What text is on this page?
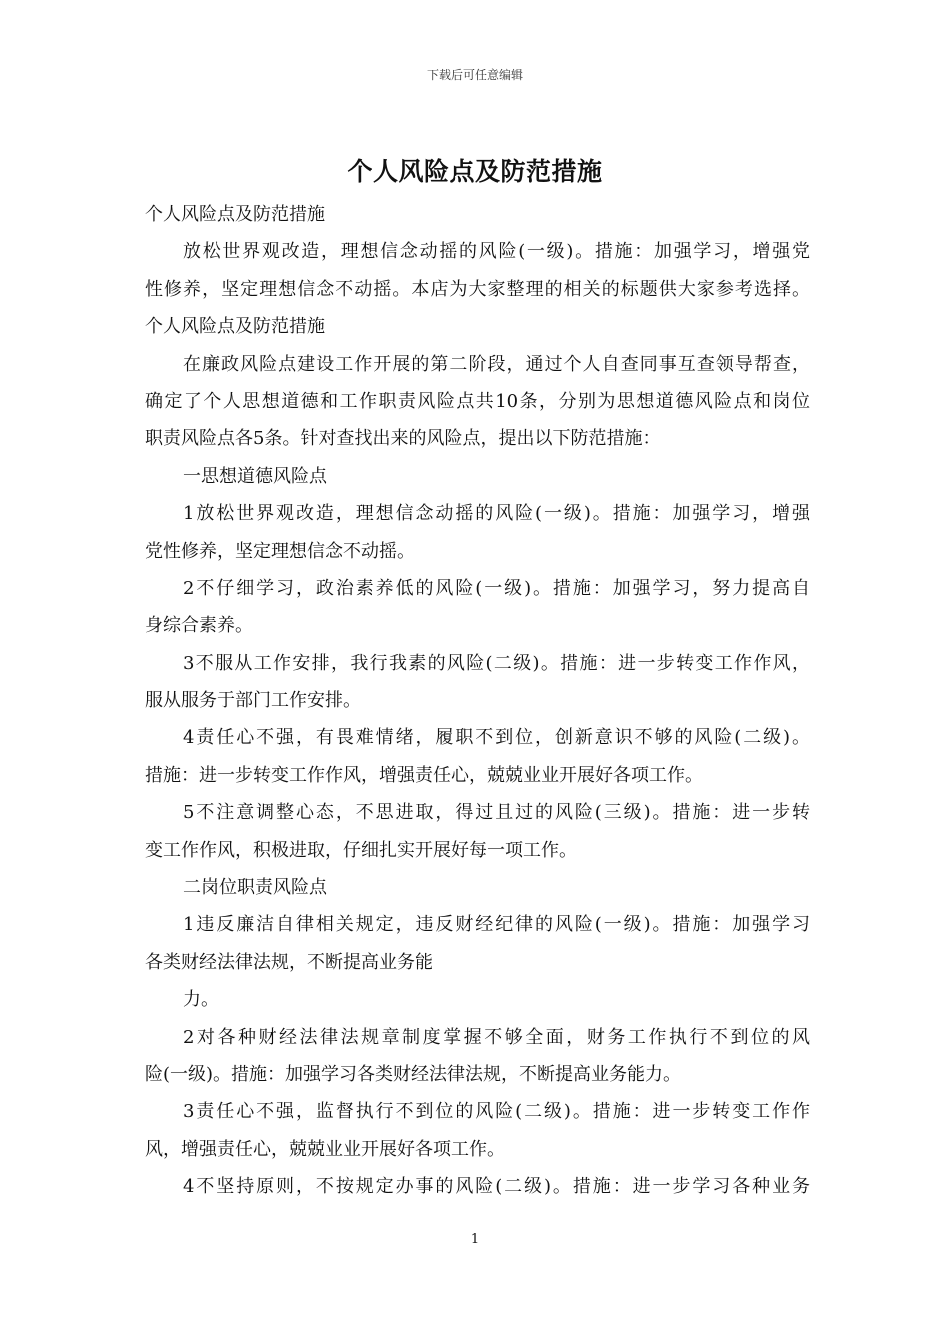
下载后可任意编辑
个人风险点及防范措施
个人风险点及防范措施
放松世界观改造，理想信念动摇的风险(一级)。措施：加强学习，增强党
性修养，坚定理想信念不动摇。本店为大家整理的相关的标题供大家参考选择。
个人风险点及防范措施
在廉政风险点建设工作开展的第二阶段，通过个人自查同事互查领导帮查，
确定了个人思想道德和工作职责风险点共10条，分别为思想道德风险点和岗位
职责风险点各5条。针对查找出来的风险点，提出以下防范措施：
一思想道德风险点
1放松世界观改造，理想信念动摇的风险(一级)。措施：加强学习，增强
党性修养，坚定理想信念不动摇。
2不仔细学习，政治素养低的风险(一级)。措施：加强学习，努力提高自
身综合素养。
3不服从工作安排，我行我素的风险(二级)。措施：进一步转变工作作风，
服从服务于部门工作安排。
4责任心不强，有畏难情绪，履职不到位，创新意识不够的风险(二级)。
措施：进一步转变工作作风，增强责任心，兢兢业业开展好各项工作。
5不注意调整心态，不思进取，得过且过的风险(三级)。措施：进一步转
变工作作风，积极进取，仔细扎实开展好每一项工作。
二岗位职责风险点
1违反廉洁自律相关规定，违反财经纪律的风险(一级)。措施：加强学习
各类财经法律法规，不断提高业务能
力。
2对各种财经法律法规章制度掌握不够全面，财务工作执行不到位的风
险(一级)。措施：加强学习各类财经法律法规，不断提高业务能力。
3责任心不强，监督执行不到位的风险(二级)。措施：进一步转变工作作
风，增强责任心，兢兢业业开展好各项工作。
4不坚持原则，不按规定办事的风险(二级)。措施：进一步学习各种业务
1
